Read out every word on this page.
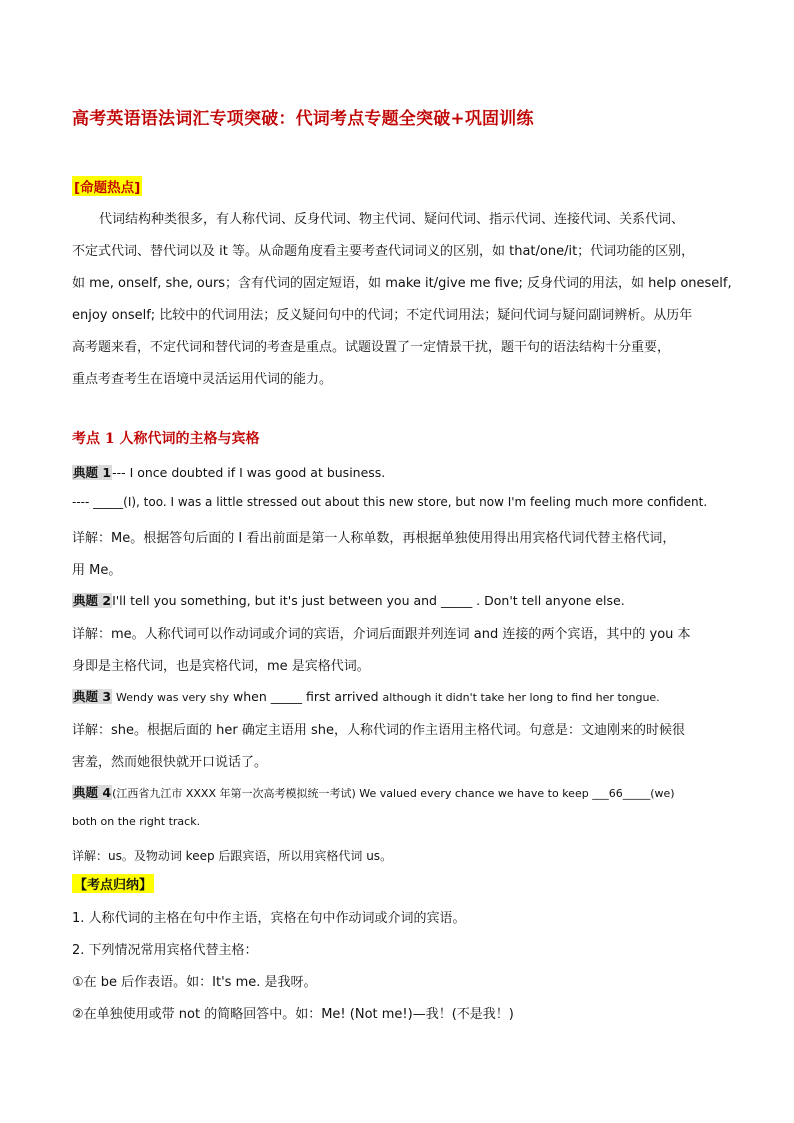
高考英语语法词汇专项突破：代词考点专题全突破+巩固训练
[命题热点]
代词结构种类很多，有人称代词、反身代词、物主代词、疑问代词、指示代词、连接代词、关系代词、
不定式代词、替代词以及 it 等。从命题角度看主要考查代词词义的区别，如 that/one/it；代词功能的区别，
如 me, onself, she, ours；含有代词的固定短语，如 make it/give me five; 反身代词的用法，如 help oneself,
enjoy onself; 比较中的代词用法；反义疑问句中的代词；不定代词用法；疑问代词与疑问副词辨析。从历年
高考题来看，不定代词和替代词的考查是重点。试题设置了一定情景干扰，题干句的语法结构十分重要，
重点考查考生在语境中灵活运用代词的能力。
考点 1 人称代词的主格与宾格
典题 1--- I once doubted if I was good at business.
---- _____(I), too. I was a little stressed out about this new store, but now I'm feeling much more confident.
详解：Me。根据答句后面的 I 看出前面是第一人称单数，再根据单独使用得出用宾格代词代替主格代词，
用 Me。
典题 2I'll tell you something, but it's just between you and _____ . Don't tell anyone else.
详解：me。人称代词可以作动词或介词的宾语，介词后面跟并列连词 and 连接的两个宾语，其中的 you 本
身即是主格代词，也是宾格代词，me 是宾格代词。
典题 3 Wendy was very shy when _____ first arrived although it didn't take her long to find her tongue.
详解：she。根据后面的 her 确定主语用 she，人称代词的作主语用主格代词。句意是：文迪刚来的时候很
害羞，然而她很快就开口说话了。
典题 4(江西省九江市 XXXX 年第一次高考模拟统一考试) We valued every chance we have to keep ___66_____(we)
both on the right track.
详解：us。及物动词 keep 后跟宾语，所以用宾格代词 us。
【考点归纳】
1. 人称代词的主格在句中作主语，宾格在句中作动词或介词的宾语。
2. 下列情况常用宾格代替主格：
①在 be 后作表语。如：It's me. 是我呀。
②在单独使用或带 not 的简略回答中。如：Me! (Not me!)—我！(不是我！)
